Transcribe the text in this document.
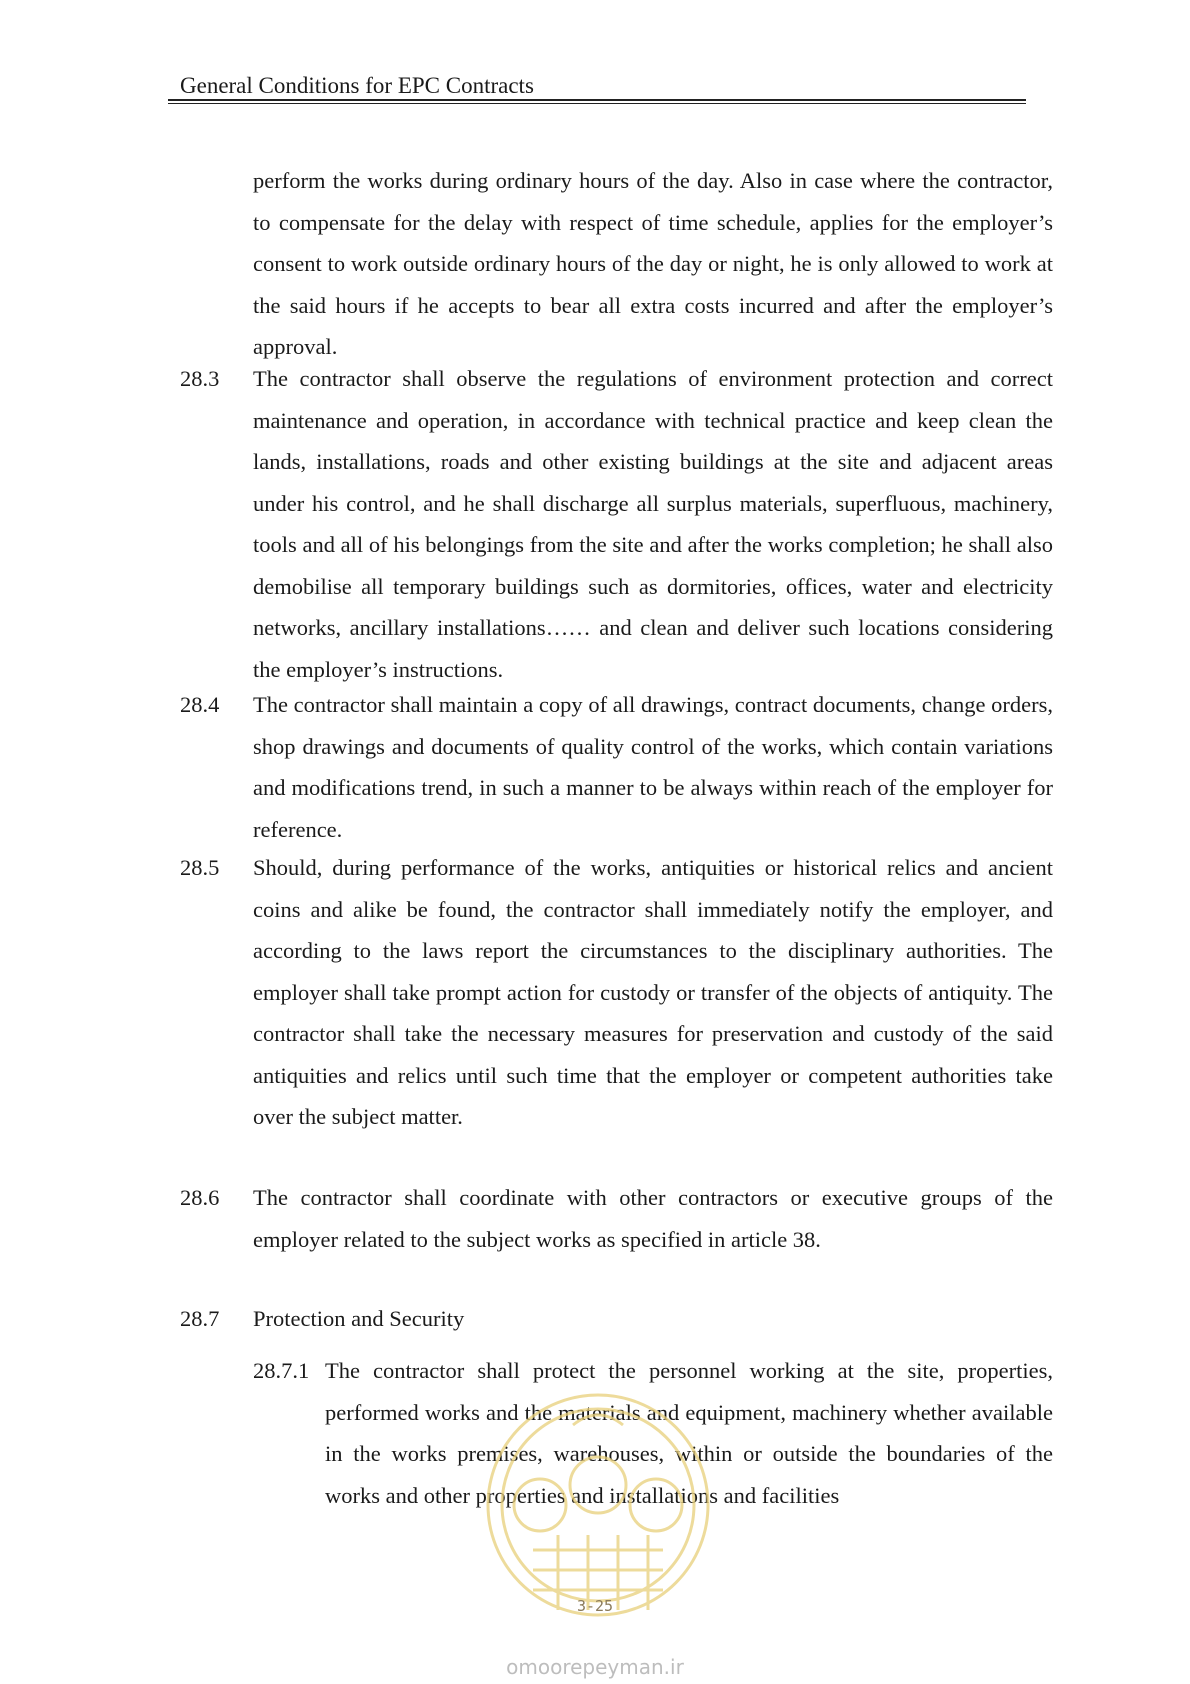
General Conditions for EPC Contracts
perform the works during ordinary hours of the day. Also in case where the contractor, to compensate for the delay with respect of time schedule, applies for the employer’s consent to work outside ordinary hours of the day or night, he is only allowed to work at the said hours if he accepts to bear all extra costs incurred and after the employer’s approval.
28.3 The contractor shall observe the regulations of environment protection and correct maintenance and operation, in accordance with technical practice and keep clean the lands, installations, roads and other existing buildings at the site and adjacent areas under his control, and he shall discharge all surplus materials, superfluous, machinery, tools and all of his belongings from the site and after the works completion; he shall also demobilise all temporary buildings such as dormitories, offices, water and electricity networks, ancillary installations…… and clean and deliver such locations considering the employer’s instructions.
28.4 The contractor shall maintain a copy of all drawings, contract documents, change orders, shop drawings and documents of quality control of the works, which contain variations and modifications trend, in such a manner to be always within reach of the employer for reference.
28.5 Should, during performance of the works, antiquities or historical relics and ancient coins and alike be found, the contractor shall immediately notify the employer, and according to the laws report the circumstances to the disciplinary authorities. The employer shall take prompt action for custody or transfer of the objects of antiquity. The contractor shall take the necessary measures for preservation and custody of the said antiquities and relics until such time that the employer or competent authorities take over the subject matter.
28.6 The contractor shall coordinate with other contractors or executive groups of the employer related to the subject works as specified in article 38.
28.7 Protection and Security
28.7.1 The contractor shall protect the personnel working at the site, properties, performed works and the materials and equipment, machinery whether available in the works premises, warehouses, within or outside the boundaries of the works and other properties and installations and facilities
3-25
omoorepeyman.ir
